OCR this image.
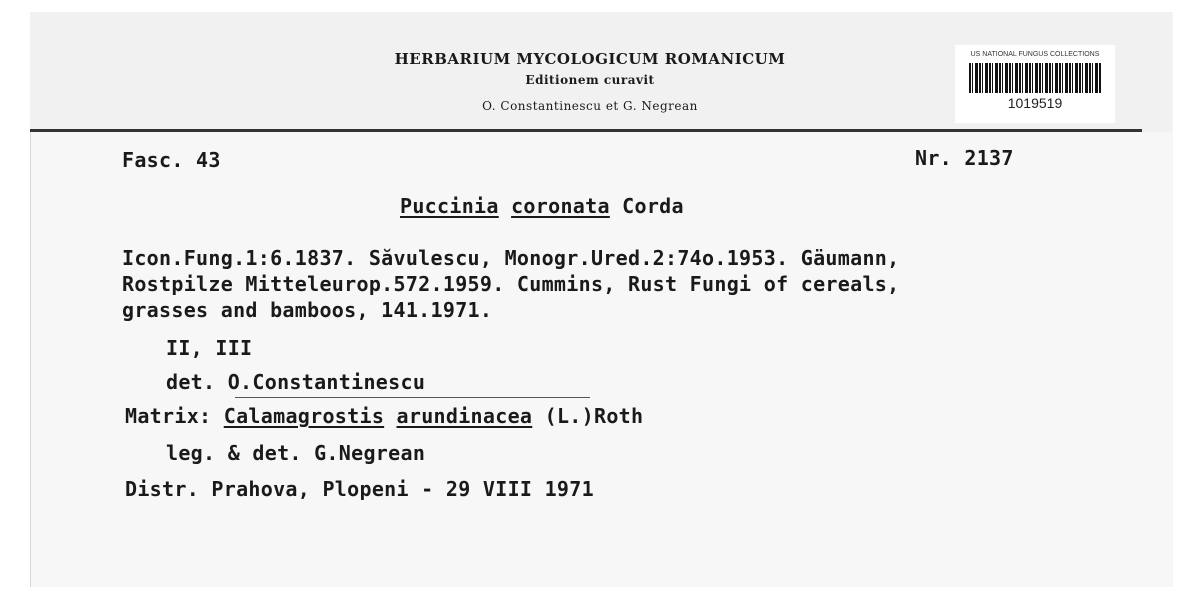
HERBARIUM MYCOLOGICUM ROMANICUM
Editionem curavit
O. Constantinescu et G. Negrean
US NATIONAL FUNGUS COLLECTIONS
1019519
Fasc. 43	Nr. 2137
Puccinia coronata Corda
Icon.Fung.1:6.1837. Săvulescu, Monogr.Ured.2:74o.1953. Gäumann,
Rostpilze Mitteleurop.572.1959. Cummins, Rust Fungi of cereals,
grasses and bamboos, 141.1971.
II, III
det. O.Constantinescu
Matrix: Calamagrostis arundinacea (L.)Roth
leg. & det. G.Negrean
Distr. Prahova, Plopeni - 29 VIII 1971
